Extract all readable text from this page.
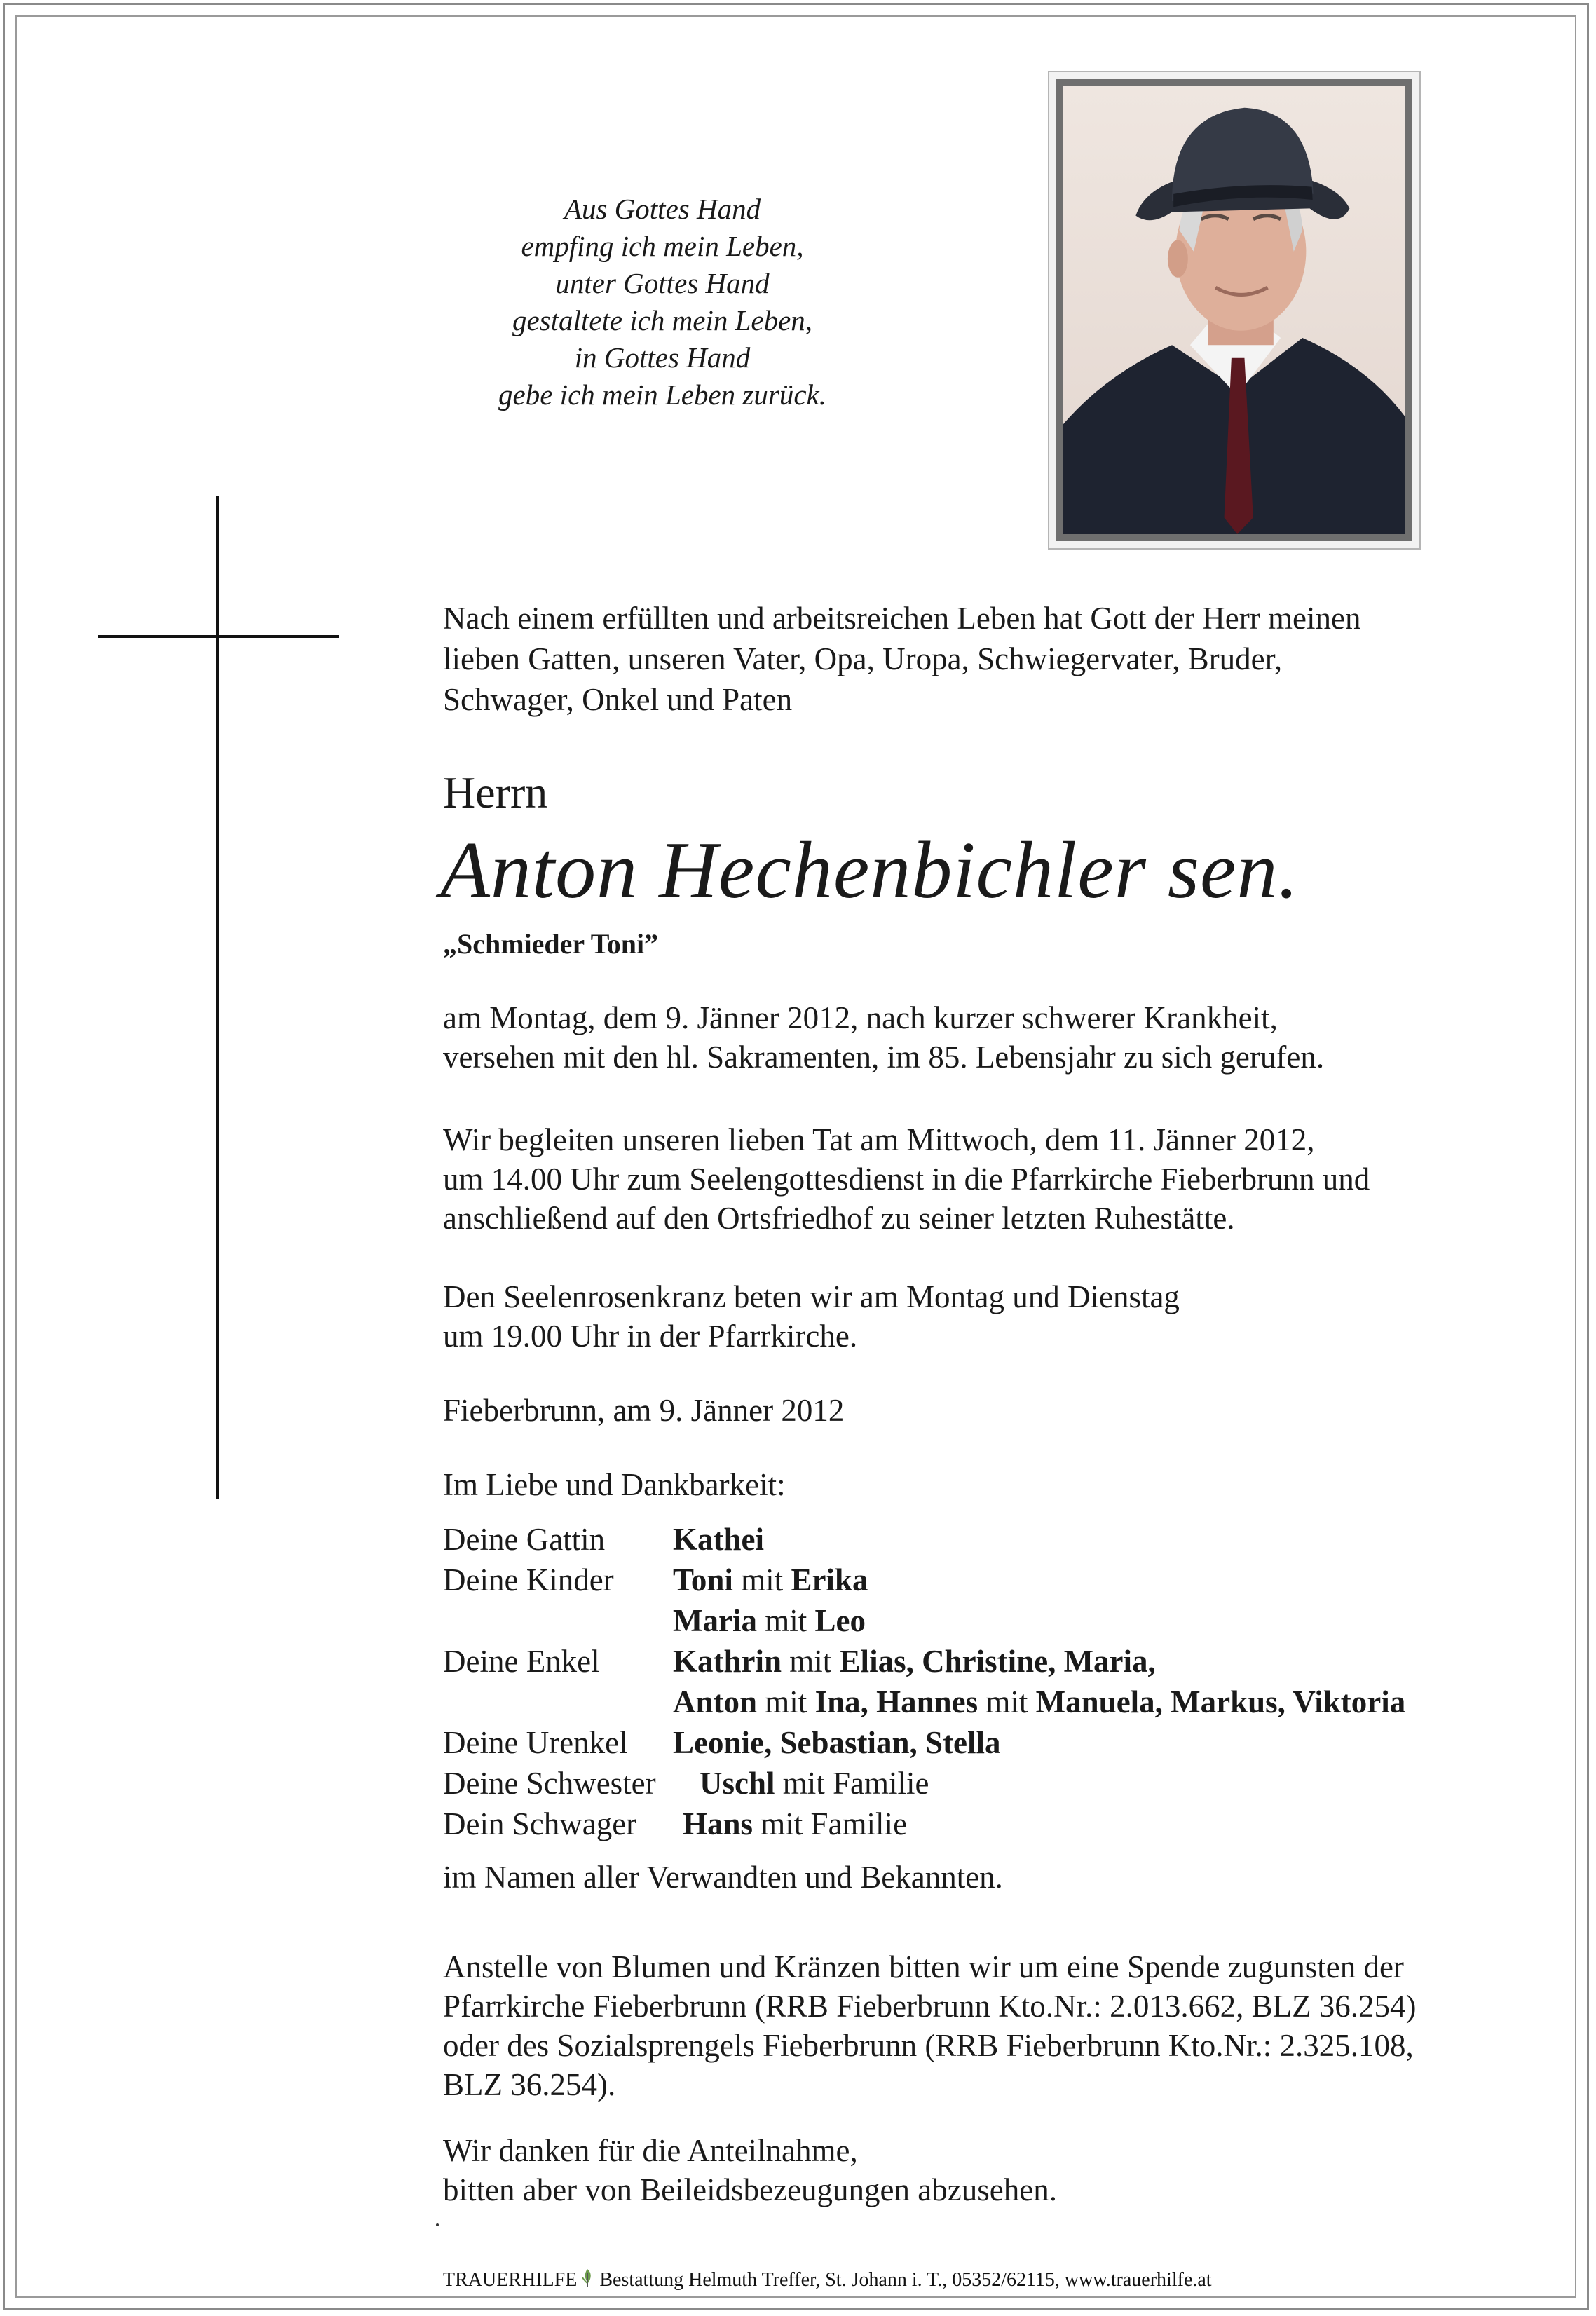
Aus Gottes Hand
empfing ich mein Leben,
unter Gottes Hand
gestaltete ich mein Leben,
in Gottes Hand
gebe ich mein Leben zurück.
Nach einem erfüllten und arbeitsreichen Leben hat Gott der Herr meinen
lieben Gatten, unseren Vater, Opa, Uropa, Schwiegervater, Bruder,
Schwager, Onkel und Paten
Herrn
Anton Hechenbichler sen.
„Schmieder Toni”
am Montag, dem 9. Jänner 2012, nach kurzer schwerer Krankheit,
versehen mit den hl. Sakramenten, im 85. Lebensjahr zu sich gerufen.
Wir begleiten unseren lieben Tat am Mittwoch, dem 11. Jänner 2012,
um 14.00 Uhr zum Seelengottesdienst in die Pfarrkirche Fieberbrunn und
anschließend auf den Ortsfriedhof zu seiner letzten Ruhestätte.
Den Seelenrosenkranz beten wir am Montag und Dienstag
um 19.00 Uhr in der Pfarrkirche.
Fieberbrunn, am 9. Jänner 2012
Im Liebe und Dankbarkeit:
Deine Gattin Kathei
Deine Kinder Toni mit Erika
Maria mit Leo
Deine Enkel Kathrin mit Elias, Christine, Maria,
Anton mit Ina, Hannes mit Manuela, Markus, Viktoria
Deine Urenkel Leonie, Sebastian, Stella
Deine Schwester Uschl mit Familie
Dein Schwager Hans mit Familie
im Namen aller Verwandten und Bekannten.
Anstelle von Blumen und Kränzen bitten wir um eine Spende zugunsten der
Pfarrkirche Fieberbrunn (RRB Fieberbrunn Kto.Nr.: 2.013.662, BLZ 36.254)
oder des Sozialsprengels Fieberbrunn (RRB Fieberbrunn Kto.Nr.: 2.325.108,
BLZ 36.254).
Wir danken für die Anteilnahme,
bitten aber von Beileidsbezeugungen abzusehen.
TRAUERHILFE Bestattung Helmuth Treffer, St. Johann i. T., 05352/62115, www.trauerhilfe.at
